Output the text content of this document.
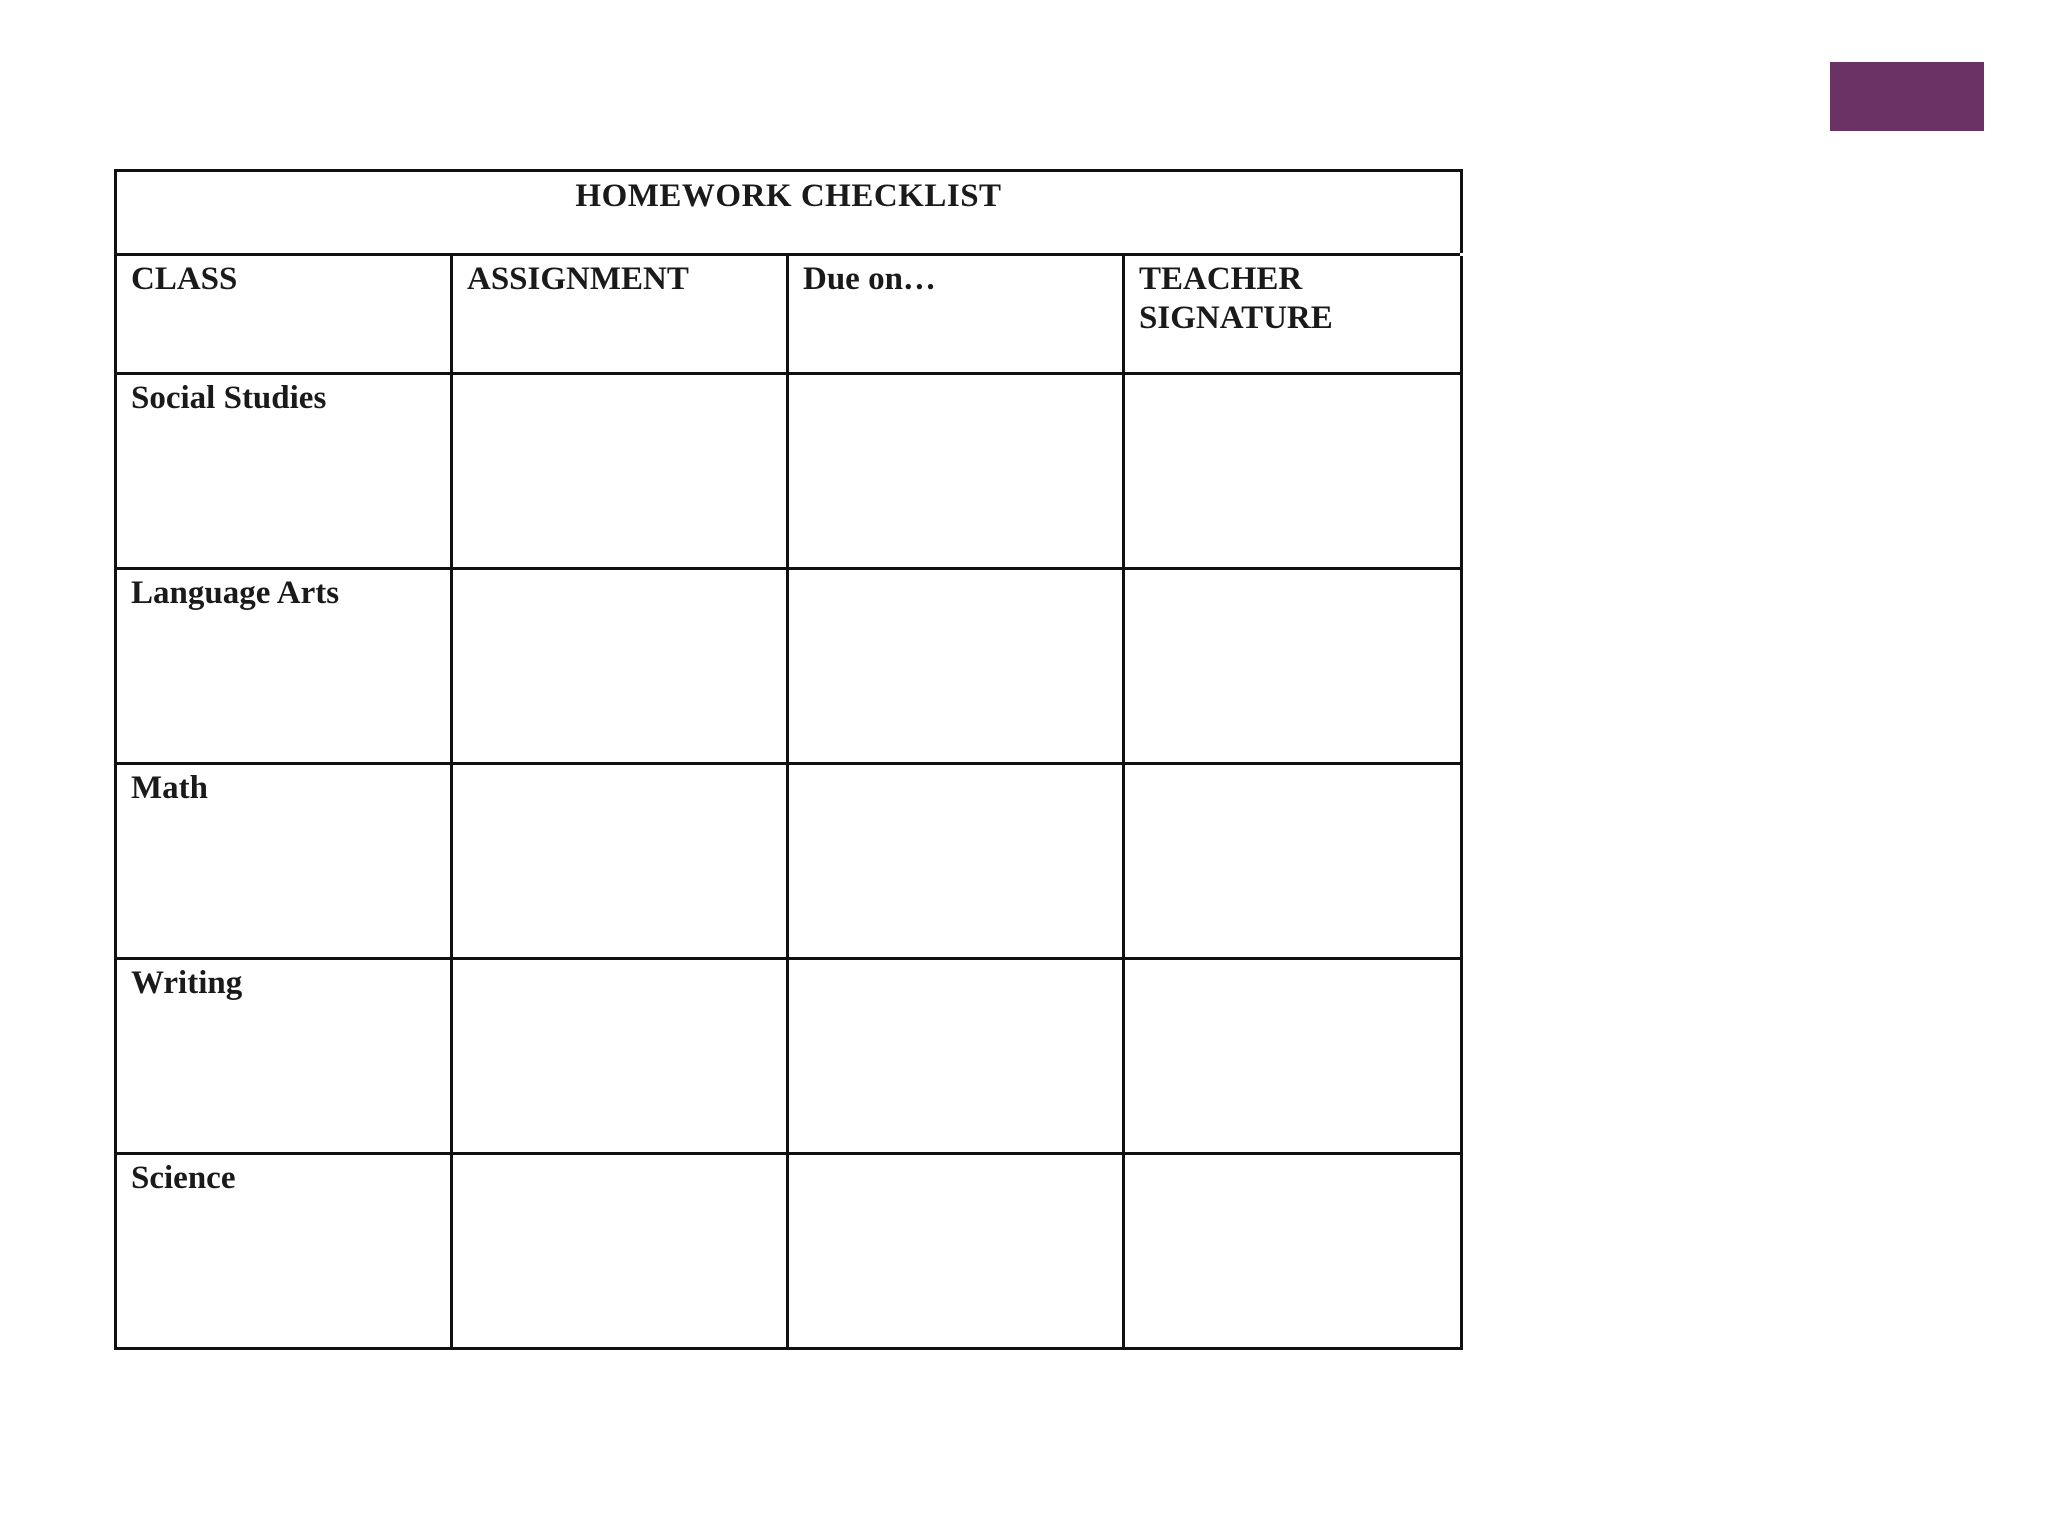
HOMEWORK CHECKLIST
CLASS	ASSIGNMENT	Due on…	TEACHER SIGNATURE
Social Studies
Language Arts
Math
Writing
Science
